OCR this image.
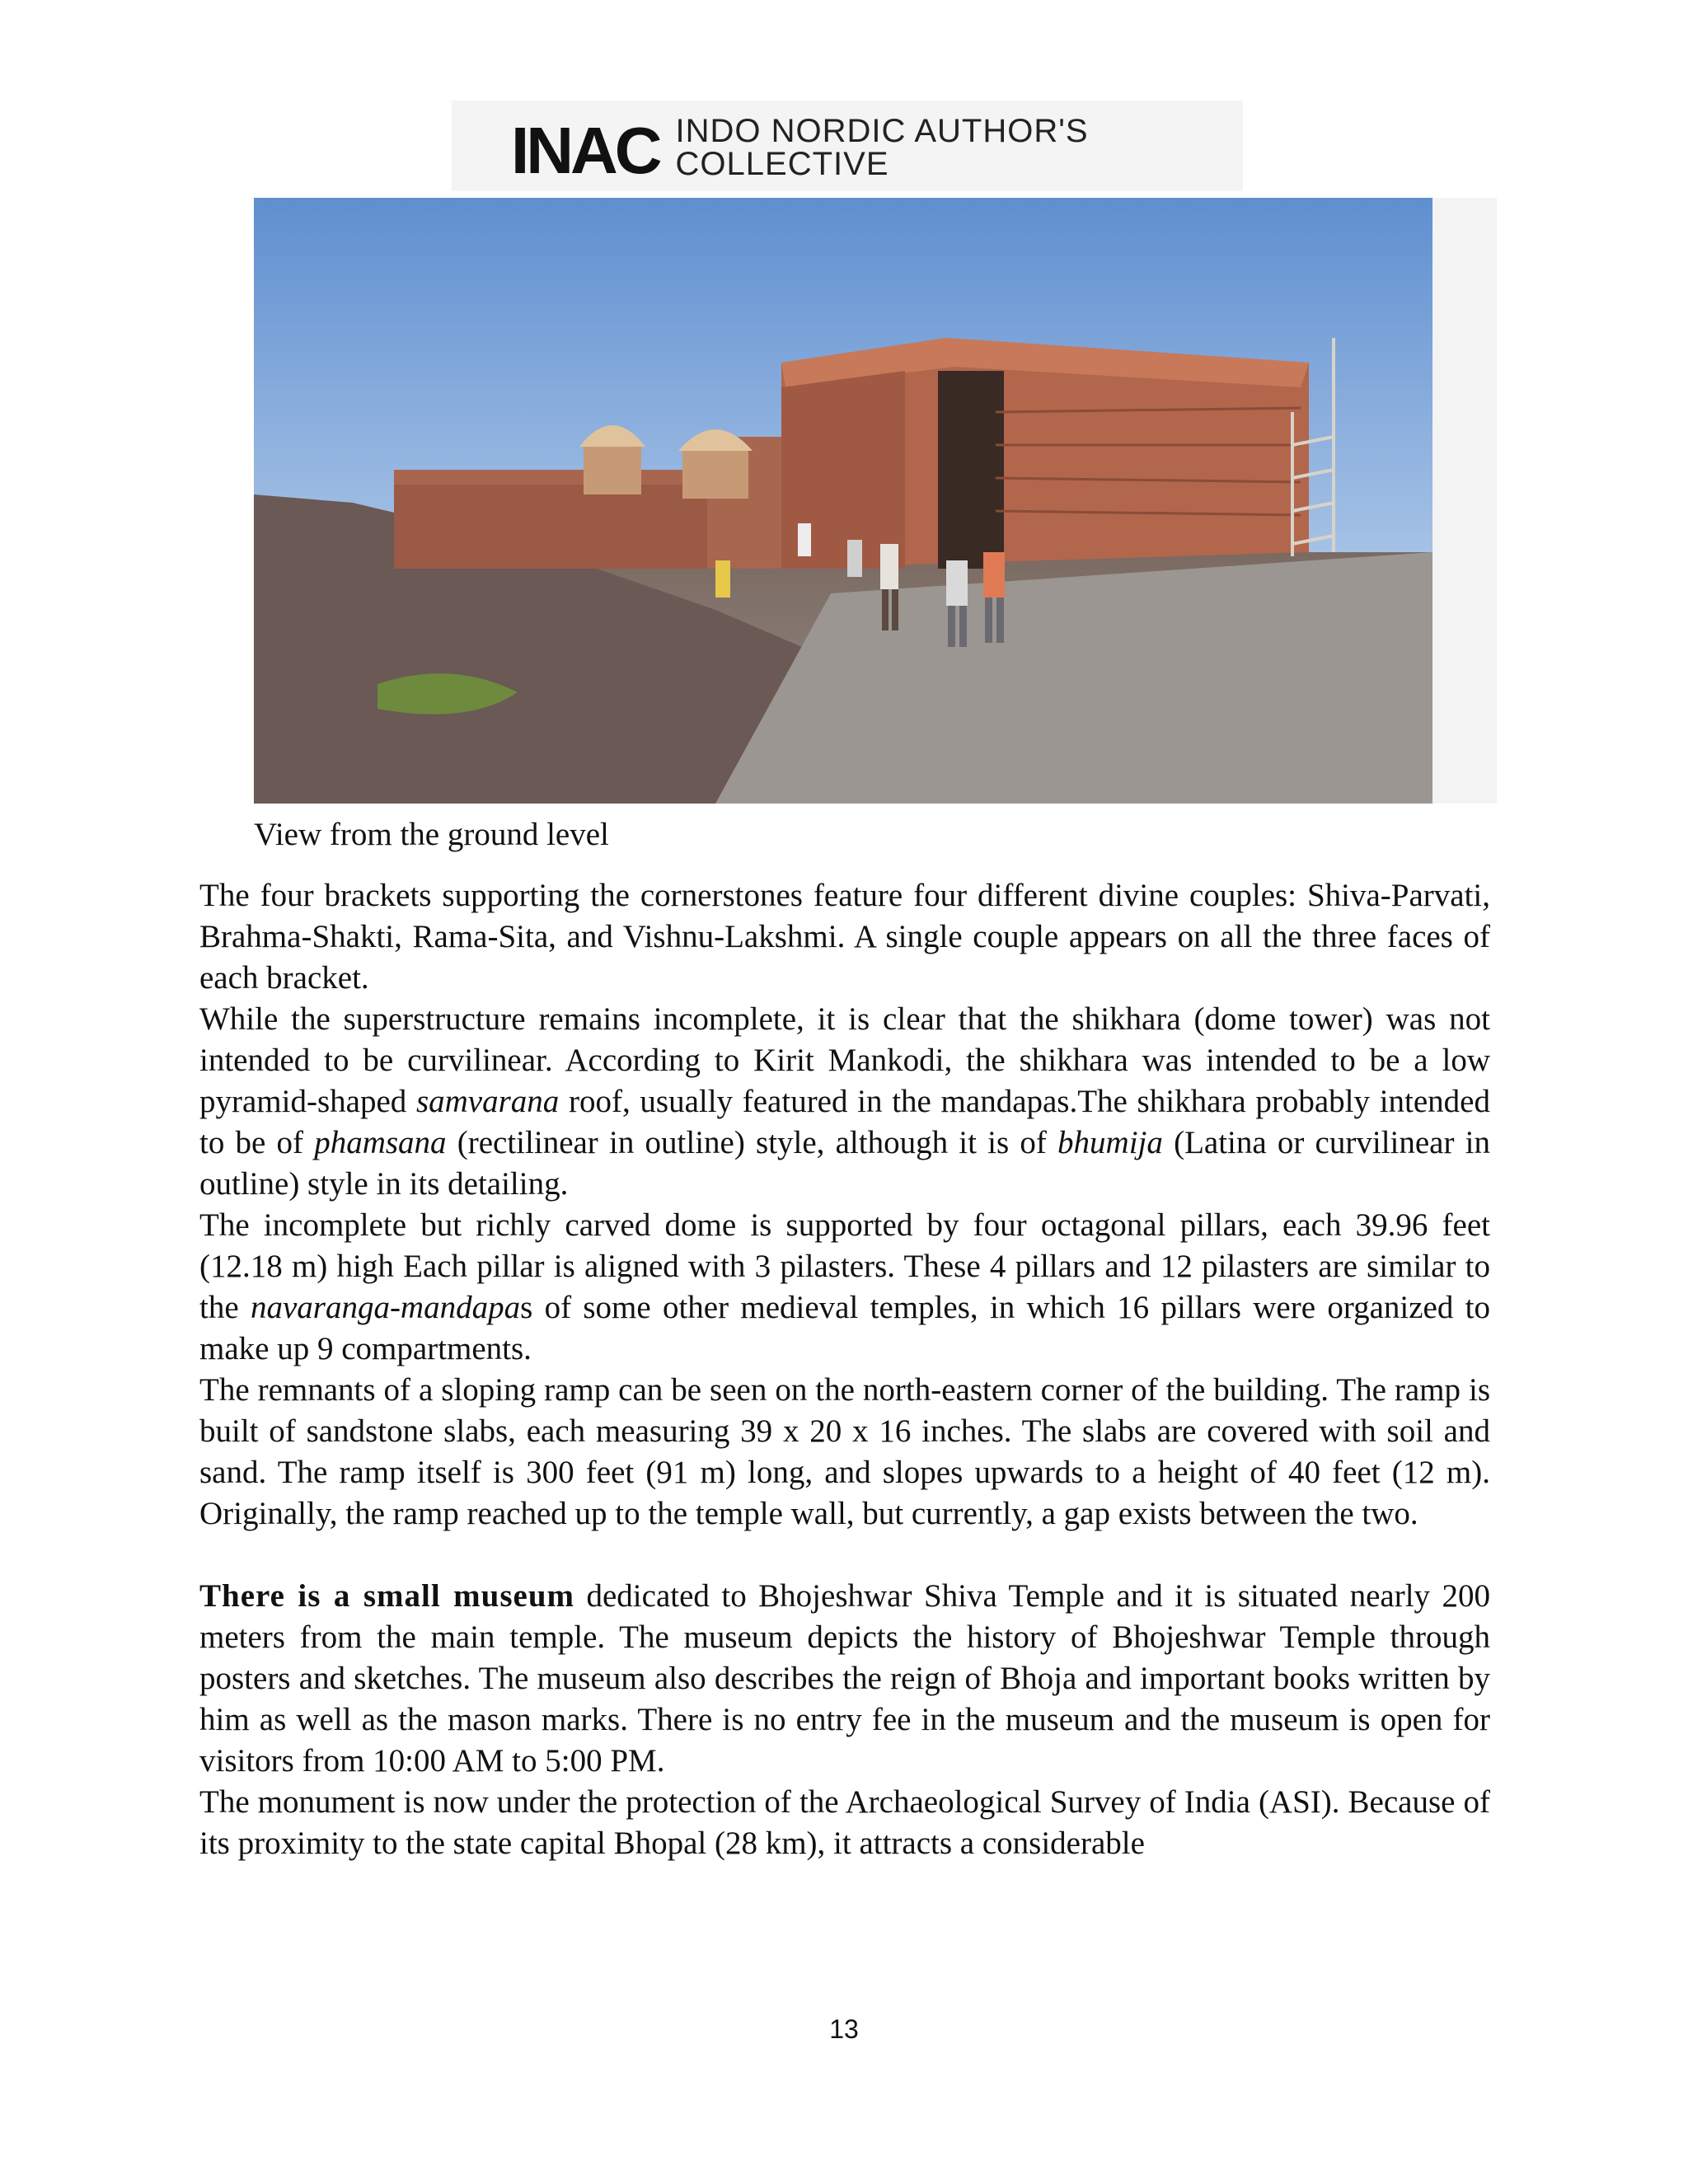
INAC INDO NORDIC AUTHOR'S COLLECTIVE
View from the ground level

The four brackets supporting the cornerstones feature four different divine couples: Shiva-Parvati, Brahma-Shakti, Rama-Sita, and Vishnu-Lakshmi. A single couple appears on all the three faces of each bracket.

While the superstructure remains incomplete, it is clear that the shikhara (dome tower) was not intended to be curvilinear. According to Kirit Mankodi, the shikhara was intended to be a low pyramid-shaped samvarana roof, usually featured in the mandapas.The shikhara probably intended to be of phamsana (rectilinear in outline) style, although it is of bhumija (Latina or curvilinear in outline) style in its detailing.

The incomplete but richly carved dome is supported by four octagonal pillars, each 39.96 feet (12.18 m) high Each pillar is aligned with 3 pilasters. These 4 pillars and 12 pilasters are similar to the navaranga-mandapas of some other medieval temples, in which 16 pillars were organized to make up 9 compartments.

The remnants of a sloping ramp can be seen on the north-eastern corner of the building. The ramp is built of sandstone slabs, each measuring 39 x 20 x 16 inches. The slabs are covered with soil and sand. The ramp itself is 300 feet (91 m) long, and slopes upwards to a height of 40 feet (12 m). Originally, the ramp reached up to the temple wall, but currently, a gap exists between the two.

There is a small museum dedicated to Bhojeshwar Shiva Temple and it is situated nearly 200 meters from the main temple. The museum depicts the history of Bhojeshwar Temple through posters and sketches. The museum also describes the reign of Bhoja and important books written by him as well as the mason marks. There is no entry fee in the museum and the museum is open for visitors from 10:00 AM to 5:00 PM.

The monument is now under the protection of the Archaeological Survey of India (ASI). Because of its proximity to the state capital Bhopal (28 km), it attracts a considerable

13
